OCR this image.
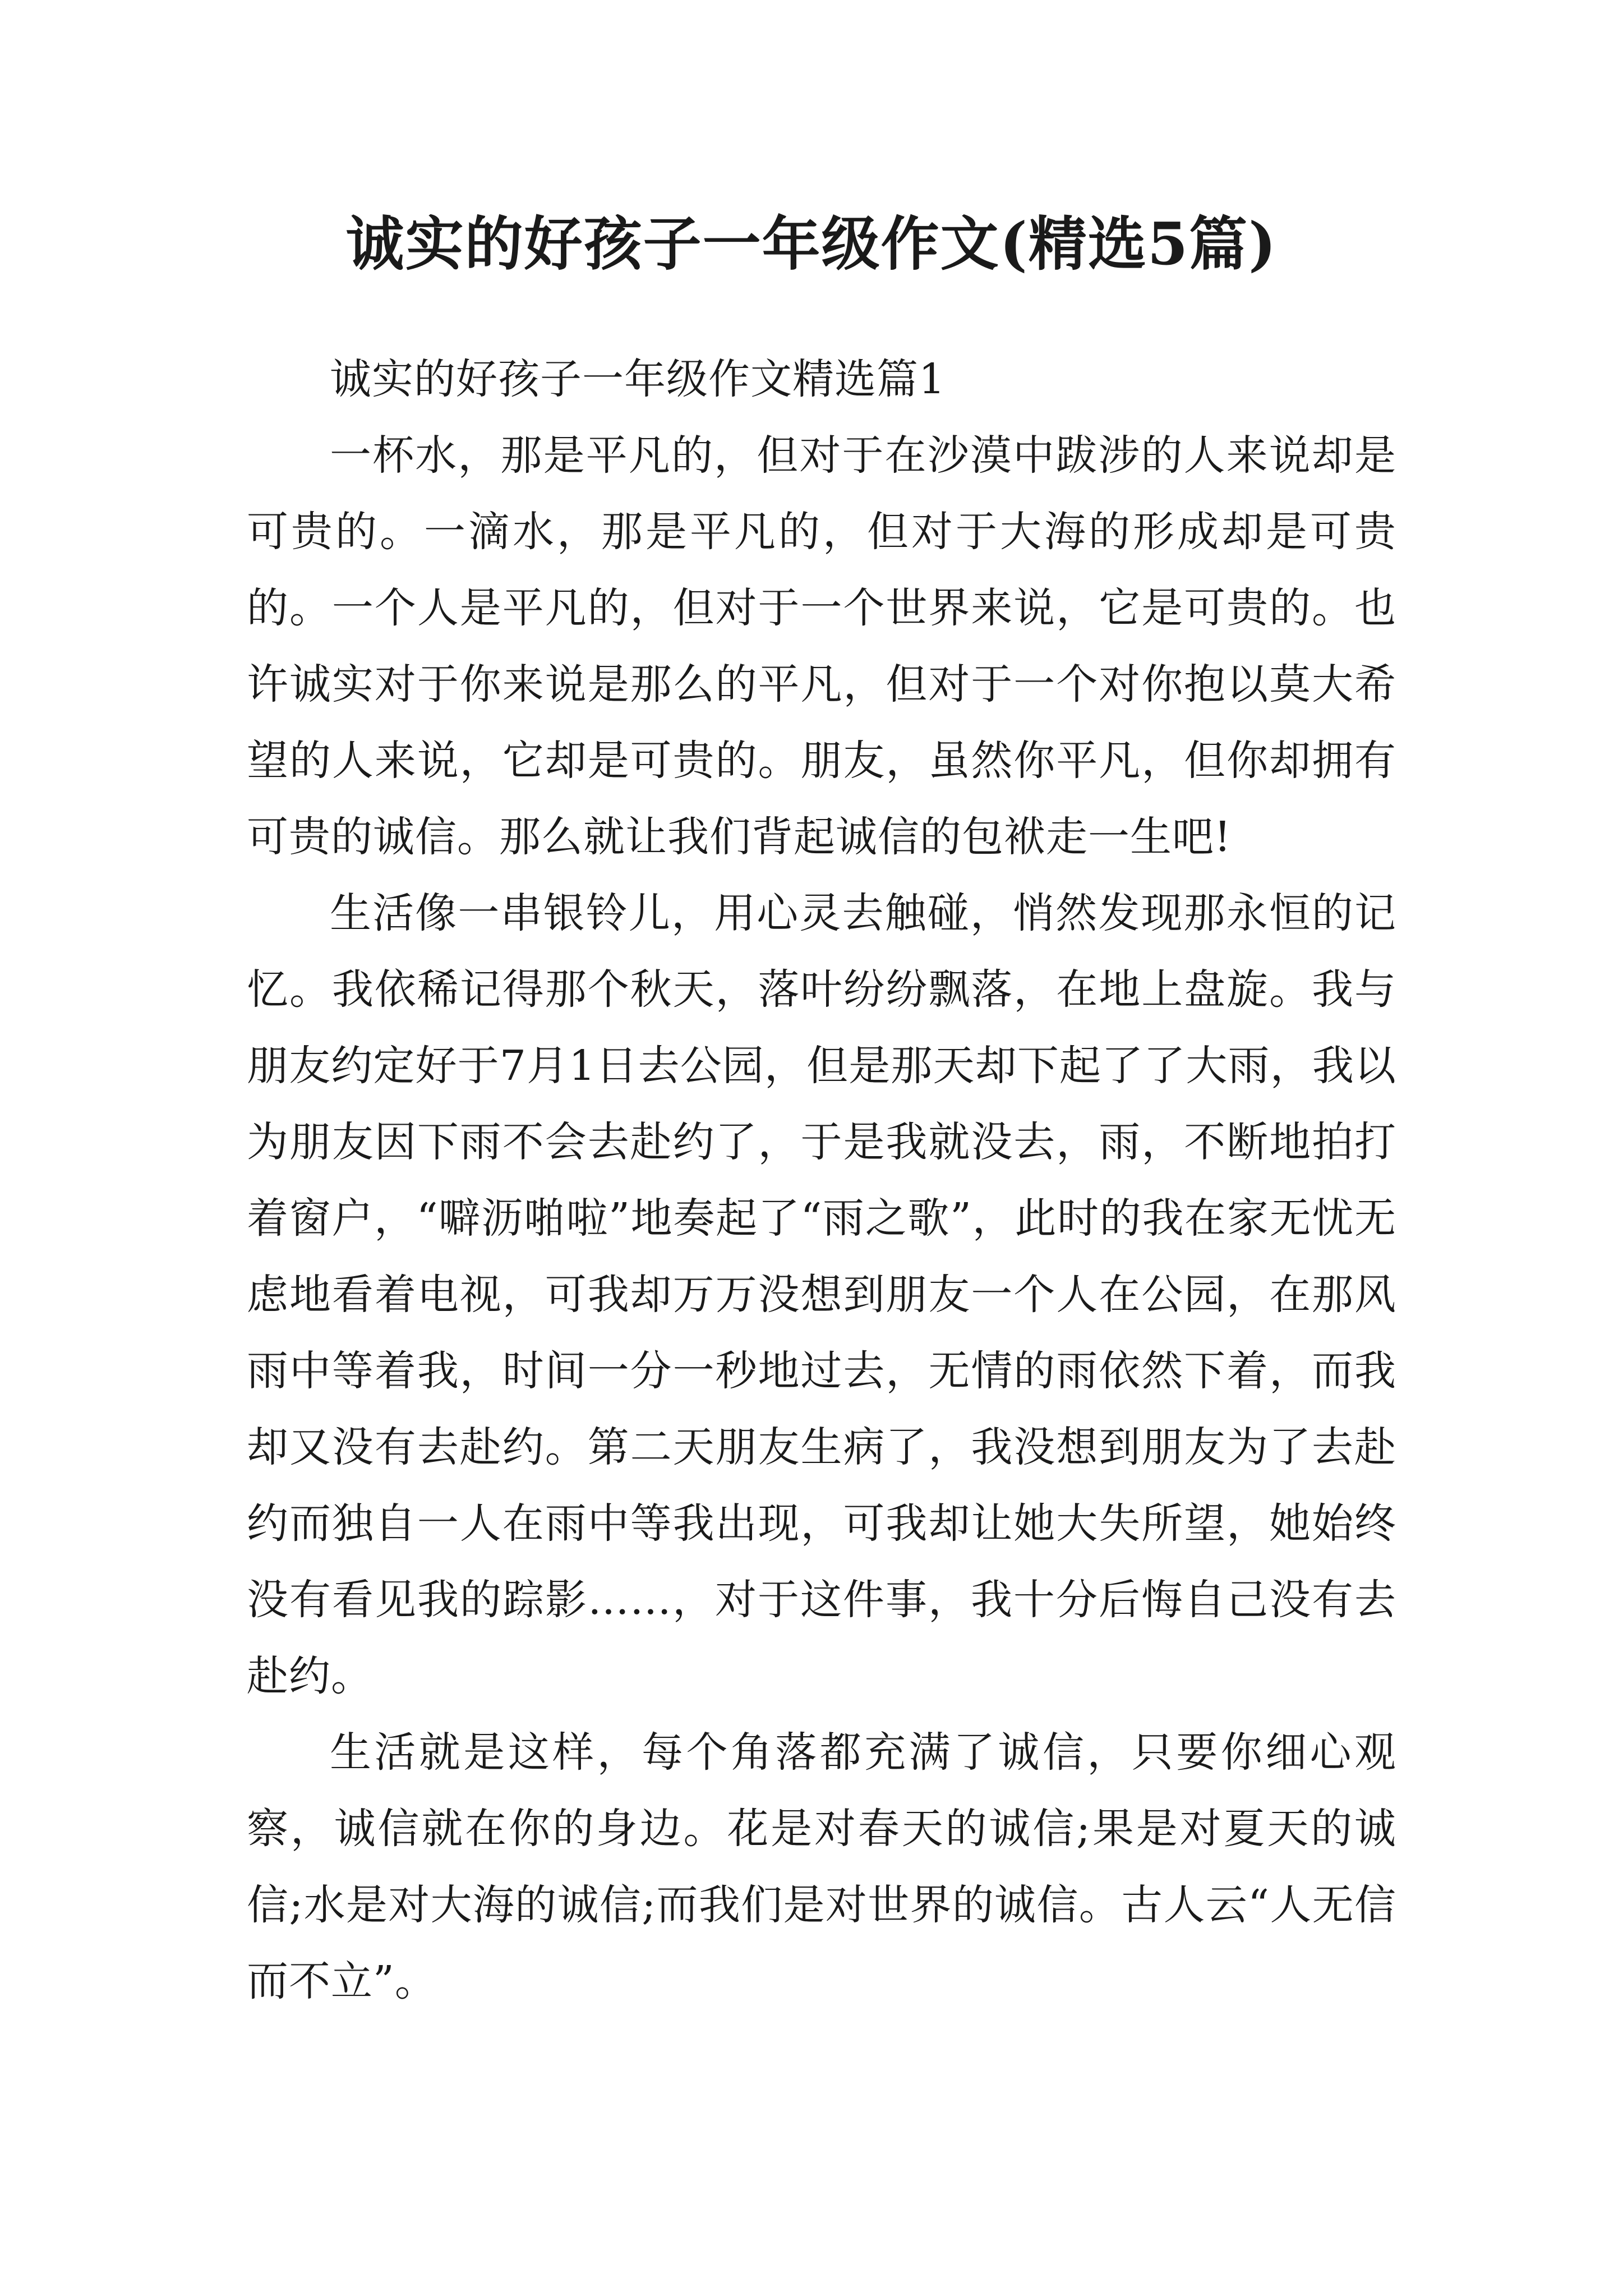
诚实的好孩子一年级作文(精选5篇)

诚实的好孩子一年级作文精选篇1

一杯水，那是平凡的，但对于在沙漠中跋涉的人来说却是可贵的。一滴水，那是平凡的，但对于大海的形成却是可贵的。一个人是平凡的，但对于一个世界来说，它是可贵的。也许诚实对于你来说是那么的平凡，但对于一个对你抱以莫大希望的人来说，它却是可贵的。朋友，虽然你平凡，但你却拥有可贵的诚信。那么就让我们背起诚信的包袱走一生吧!

生活像一串银铃儿，用心灵去触碰，悄然发现那永恒的记忆。我依稀记得那个秋天，落叶纷纷飘落，在地上盘旋。我与朋友约定好于7月1日去公园，但是那天却下起了了大雨，我以为朋友因下雨不会去赴约了，于是我就没去，雨，不断地拍打着窗户，“噼沥啪啦”地奏起了“雨之歌”，此时的我在家无忧无虑地看着电视，可我却万万没想到朋友一个人在公园，在那风雨中等着我，时间一分一秒地过去，无情的雨依然下着，而我却又没有去赴约。第二天朋友生病了，我没想到朋友为了去赴约而独自一人在雨中等我出现，可我却让她大失所望，她始终没有看见我的踪影……，对于这件事，我十分后悔自己没有去赴约。

生活就是这样，每个角落都充满了诚信，只要你细心观察，诚信就在你的身边。花是对春天的诚信;果是对夏天的诚信;水是对大海的诚信;而我们是对世界的诚信。古人云“人无信而不立”。
